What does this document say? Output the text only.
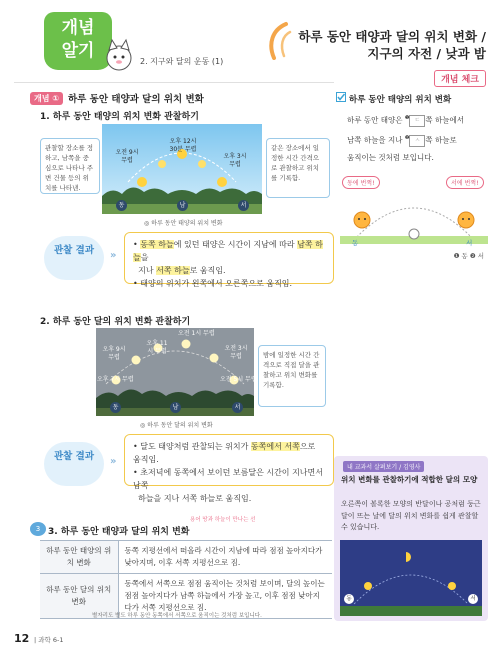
개념
알기
2. 지구와 달의 운동 (1)
하루 동안 태양과 달의 위치 변화 /
지구의 자전 / 낮과 밤
개념 체크
개념 ① 하루 동안 태양과 달의 위치 변화
1. 하루 동안 태양의 위치 변화 관찰하기
관찰할 장소를 정하고, 남쪽을 중심으로 나타나 주변 건물 등의 위치를 나타낸.
오전 9시 무렵
오후 12시 30분 무렵
오후 3시 무렵
동	남	서
같은 장소에서 일정한 시간 간격으로 관찰하고 위치를 기록함.
◎ 하루 동안 태양의 위치 변화
관찰 결과	»
• 동쪽 하늘에 있던 태양은 시간이 지남에 따라 남쪽 하늘을
지나 서쪽 하늘로 움직임.
• 태양의 위치가 왼쪽에서 오른쪽으로 움직임.
2. 하루 동안 달의 위치 변화 관찰하기
오후 7시 무렵
오후 9시 무렵
오후 11시 무렵
오전 1시 무렵
오전 3시 무렵
오전 5시 무렵
동	남	서
밤에 일정한 시간 간격으로 직접 달을 관찰하고 위치 변화를 기록함.
◎ 하루 동안 달의 위치 변화
관찰 결과	»
• 달도 태양처럼 관찰되는 위치가 동쪽에서 서쪽으로 움직임.
• 초저녁에 동쪽에서 보이던 보름달은 시간이 지나면서 남쪽
하늘을 지나 서쪽 하늘로 움직임.
3 3. 하루 동안 태양과 달의 위치 변화
용어 땅과 하늘이 만나는 선
하루 동안 태양의 위치 변화	동쪽 지평선에서 떠올라 시간이 지남에 따라 점점 높아지다가 낮아지며, 이후 서쪽 지평선으로 짐.
하루 동안 달의 위치 변화	동쪽에서 서쪽으로 점점 움직이는 것처럼 보이며, 달의 높이는 점점 높아지다가 남쪽 하늘에서 가장 높고, 이후 점점 낮아지다가 서쪽 지평선으로 짐.
별자리도 별도 하루 동안 동쪽에서 서쪽으로 움직이는 것처럼 보입니다.
12 | 과학 6-1
하루 동안 태양의 위치 변화
하루 동안 태양은 $^❶$ ㄷ 쪽 하늘에서
남쪽 하늘을 지나 $^❷$ ㅅ 쪽 하늘로
움직이는 것처럼 보입니다.
동에 번쩍!	서에 번쩍!
동	서
❶ 동 ❷ 서
내 교과서 살펴보기 / 김영사
위치 변화를 관찰하기에 적합한 달의 모양
오른쪽이 볼록한 모양의 반달이나 공처럼 둥근달이 뜨는 날에 달의 위치 변화를 쉽게 관찰할 수 있습니다.
동	서
